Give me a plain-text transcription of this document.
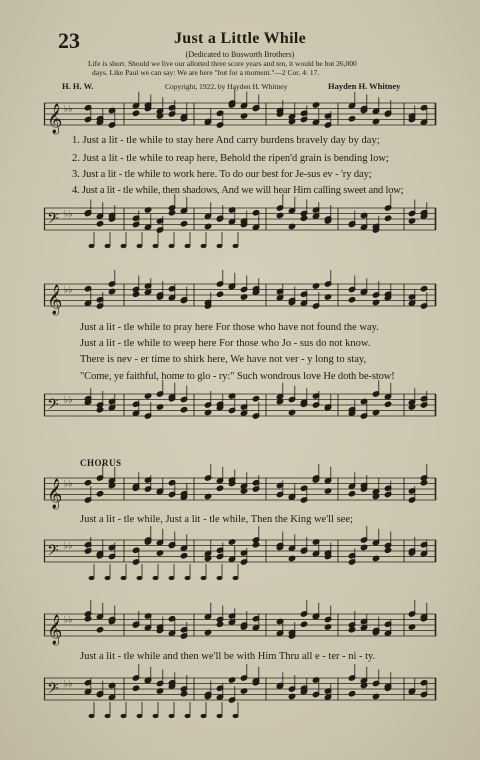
23	Just a Little While
(Dedicated to Bosworth Brothers)
Life is short. Should we live our allotted three score years and ten, it would be but 26,000
days. Like Paul we can say: We are here "but for a moment."—2 Cor. 4: 17.
H. H. W.	Copyright, 1922, by Hayden H. Whitney	Hayden H. Whitney
𝄞 ♭♭
1. Just a lit - tle while to stay here And carry burdens bravely day by day;
2. Just a lit - tle while to reap here, Behold the ripen'd grain is bending low;
3. Just a lit - tle while to work here. To do our best for Je-sus ev - 'ry day;
4. Just a lit - tle while, then shadows, And we will hear Him calling sweet and low;
𝄢 ♭♭
𝄞 ♭♭
Just a lit - tle while to pray here For those who have not found the way.
Just a lit - tle while to weep here For those who Jo - sus do not know.
There is nev - er time to shirk here, We have not ver - y long to stay,
"Come, ye faithful, home to glo - ry:" Such wondrous love He doth be-stow!
𝄢 ♭♭
CHORUS
𝄞 ♭♭
Just a lit - tle while, Just a lit - tle while, Then the King we'll see;
𝄢 ♭♭
𝄞 ♭♭
Just a lit - tle while and then we'll be with Him Thru all e - ter - ni - ty.
𝄢 ♭♭
